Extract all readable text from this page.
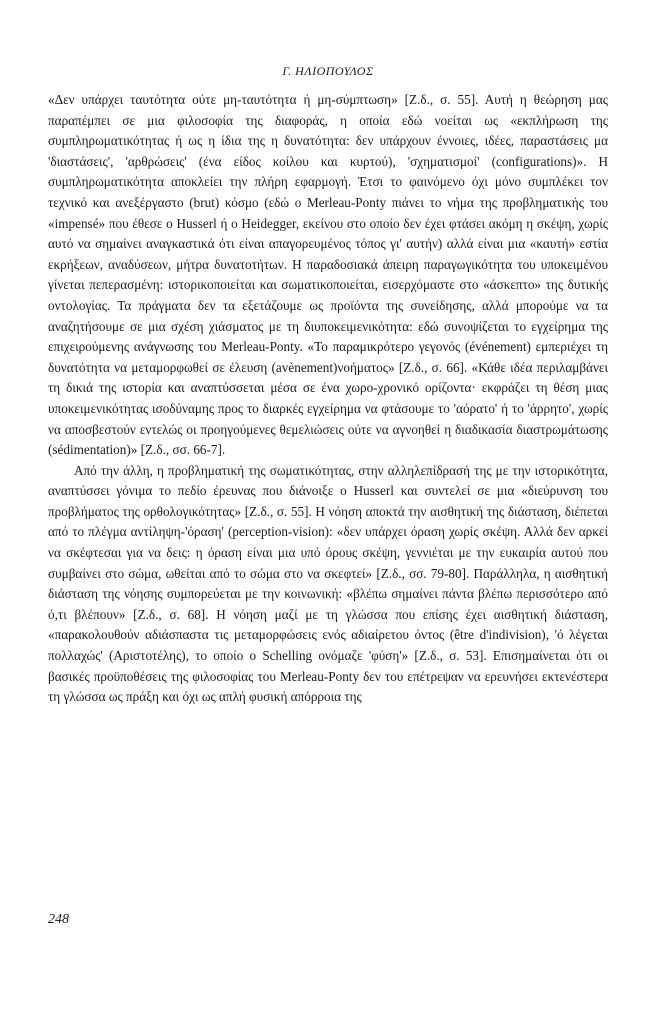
Γ. ΗΛΙΟΠΟΥΛΟΣ

«Δεν υπάρχει ταυτότητα ούτε μη-ταυτότητα ή μη-σύμπτωση» [Ζ.δ., σ. 55]. Αυτή η θεώρηση μας παραπέμπει σε μια φιλοσοφία της διαφοράς, η οποία εδώ νοείται ως «εκπλήρωση της συμπληρωματικότητας ή ως η ίδια της η δυνατότητα: δεν υπάρχουν έννοιες, ιδέες, παραστάσεις μα 'διαστάσεις', 'αρθρώσεις' (ένα είδος κοίλου και κυρτού), 'σχηματισμοί' (configurations)». Η συμπληρωματικότητα αποκλείει την πλήρη εφαρμογή. Έτσι το φαινόμενο όχι μόνο συμπλέκει τον τεχνικό και ανεξέργαστο (brut) κόσμο (εδώ ο Merleau-Ponty πιάνει το νήμα της προβληματικής του «impensé» που έθεσε ο Husserl ή ο Heidegger, εκείνου στο οποίο δεν έχει φτάσει ακόμη η σκέψη, χωρίς αυτό να σημαίνει αναγκαστικά ότι είναι απαγορευμένος τόπος γι' αυτήν) αλλά είναι μια «καυτή» εστία εκρήξεων, αναδύσεων, μήτρα δυνατοτήτων. Η παραδοσιακά άπειρη παραγωγικότητα του υποκειμένου γίνεται πεπερασμένη: ιστορικοποιείται και σωματικοποιείται, εισερχόμαστε στο «άσκεπτο» της δυτικής οντολογίας. Τα πράγματα δεν τα εξετάζουμε ως προϊόντα της συνείδησης, αλλά μπορούμε να τα αναζητήσουμε σε μια σχέση χιάσματος με τη διυποκειμενικότητα: εδώ συνοψίζεται το εγχείρημα της επιχειρούμενης ανάγνωσης του Merleau-Ponty. «Το παραμικρότερο γεγονός (événement) εμπεριέχει τη δυνατότητα να μεταμορφωθεί σε έλευση (avènement)νοήματος» [Ζ.δ., σ. 66]. «Κάθε ιδέα περιλαμβάνει τη δικιά της ιστορία και αναπτύσσεται μέσα σε ένα χωρο-χρονικό ορίζοντα· εκφράζει τη θέση μιας υποκειμενικότητας ισοδύναμης προς το διαρκές εγχείρημα να φτάσουμε το 'αόρατο' ή το 'άρρητο', χωρίς να αποσβεστούν εντελώς οι προηγούμενες θεμελιώσεις ούτε να αγνοηθεί η διαδικασία διαστρωμάτωσης (sédimentation)» [Ζ.δ., σσ. 66-7].

Από την άλλη, η προβληματική της σωματικότητας, στην αλληλεπίδρασή της με την ιστορικότητα, αναπτύσσει γόνιμα το πεδίο έρευνας που διάνοιξε ο Husserl και συντελεί σε μια «διεύρυνση του προβλήματος της ορθολογικότητας» [Ζ.δ., σ. 55]. Η νόηση αποκτά την αισθητική της διάσταση, διέπεται από το πλέγμα αντίληψη-'όραση' (perception-vision): «δεν υπάρχει όραση χωρίς σκέψη. Αλλά δεν αρκεί να σκέφτεσαι για να δεις: η όραση είναι μια υπό όρους σκέψη, γεννιέται με την ευκαιρία αυτού που συμβαίνει στο σώμα, ωθείται από το σώμα στο να σκεφτεί» [Ζ.δ., σσ. 79-80]. Παράλληλα, η αισθητική διάσταση της νόησης συμπορεύεται με την κοινωνική: «βλέπω σημαίνει πάντα βλέπω περισσότερο από ό,τι βλέπουν» [Ζ.δ., σ. 68]. Η νόηση μαζί με τη γλώσσα που επίσης έχει αισθητική διάσταση, «παρακολουθούν αδιάσπαστα τις μεταμορφώσεις ενός αδιαίρετου όντος (être d'indivision), 'ό λέγεται πολλαχώς' (Αριστοτέλης), το οποίο ο Schelling ονόμαζε 'φύση'» [Ζ.δ., σ. 53]. Επισημαίνεται ότι οι βασικές προϋποθέσεις της φιλοσοφίας του Merleau-Ponty δεν του επέτρεψαν να ερευνήσει εκτενέστερα τη γλώσσα ως πράξη και όχι ως απλή φυσική απόρροια της

248
